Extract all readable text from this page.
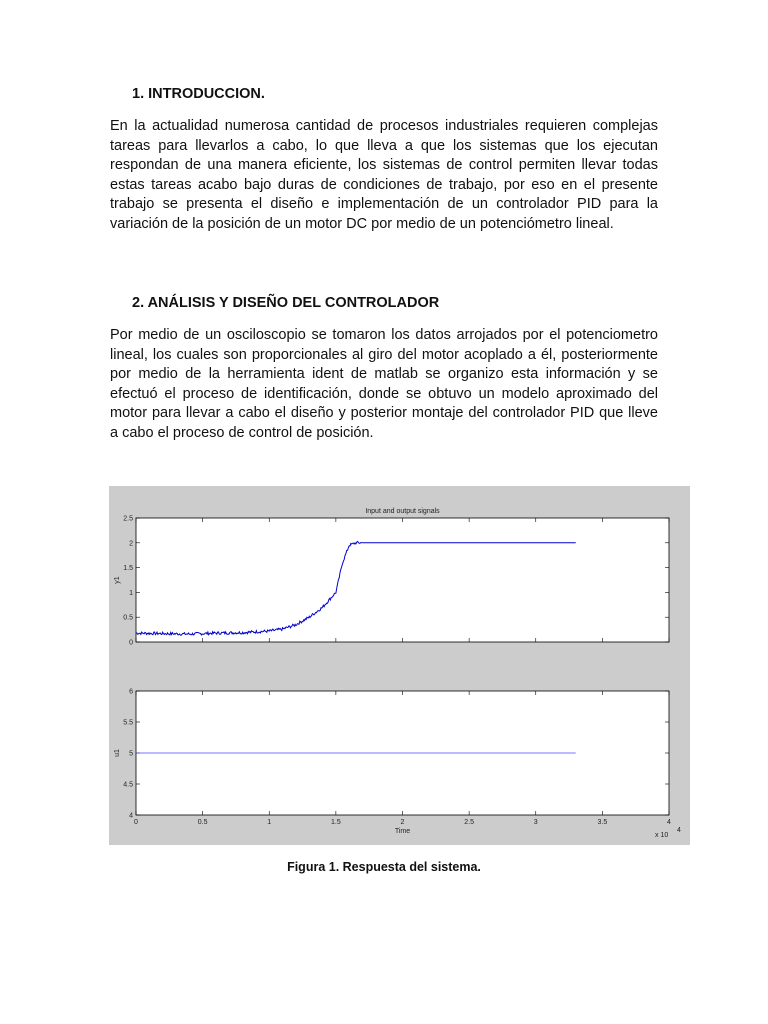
1. INTRODUCCION.

En la actualidad numerosa cantidad de procesos industriales requieren complejas tareas para llevarlos a cabo, lo que lleva a que los sistemas que los ejecutan respondan de una manera eficiente, los sistemas de control permiten llevar todas estas tareas acabo bajo duras de condiciones de trabajo, por eso en el presente trabajo se presenta el diseño e implementación de un controlador PID para la variación de la posición de un motor DC por medio de un potenciómetro lineal.

2. ANÁLISIS Y DISEÑO DEL CONTROLADOR

Por medio de un osciloscopio se tomaron los datos arrojados por el potenciometro lineal, los cuales son proporcionales al giro del motor acoplado a él, posteriormente por medio de la herramienta ident de matlab se organizo esta información y se efectuó el proceso de identificación, donde se obtuvo un modelo aproximado del motor para llevar a cabo el diseño y posterior montaje del controlador PID que lleve a cabo el proceso de control de posición.

Input and output signals
0
0.5
1
1.5
2
2.5
y1
4
4.5
5
5.5
6
0	0.5	1	1.5	2	2.5	3	3.5	4
u1
Time
x 10
4

Figura 1. Respuesta del sistema.
